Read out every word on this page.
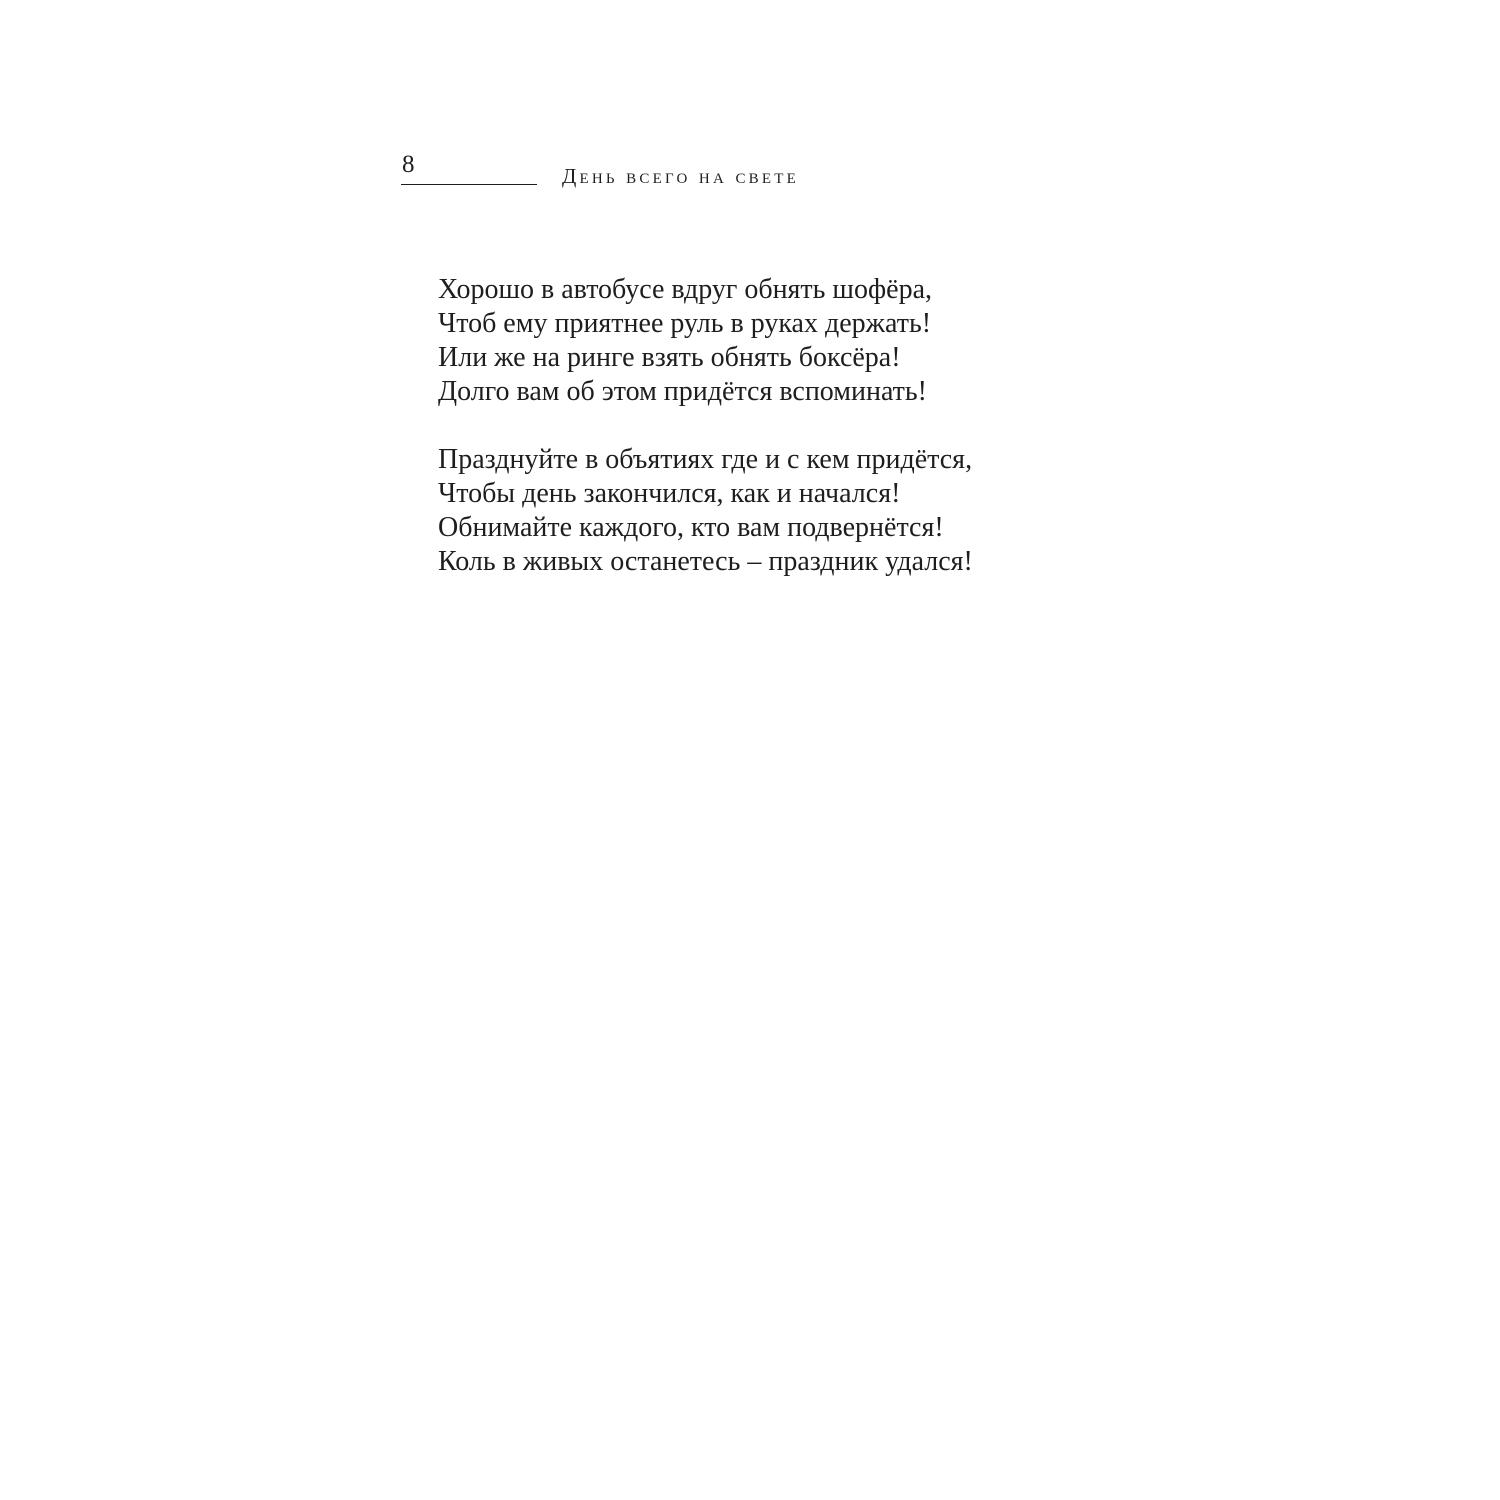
8	День всего на свете
Хорошо в автобусе вдруг обнять шофёра,
Чтоб ему приятнее руль в руках держать!
Или же на ринге взять обнять боксёра!
Долго вам об этом придётся вспоминать!
Празднуйте в объятиях где и с кем придётся,
Чтобы день закончился, как и начался!
Обнимайте каждого, кто вам подвернётся!
Коль в живых останетесь – праздник удался!
